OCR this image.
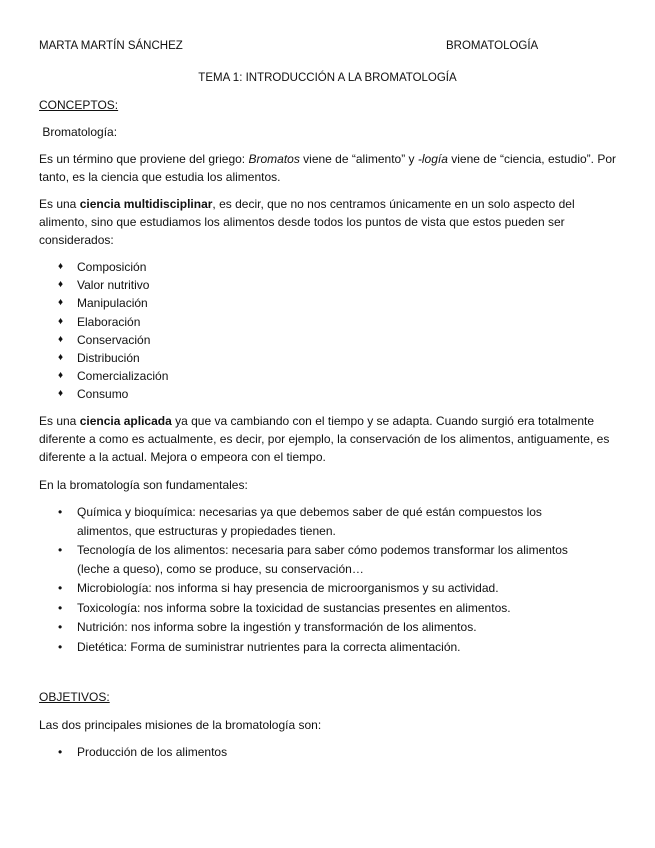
MARTA MARTÍN SÁNCHEZ	BROMATOLOGÍA
TEMA 1: INTRODUCCIÓN A LA BROMATOLOGÍA
CONCEPTOS:
Bromatología:
Es un término que proviene del griego: Bromatos viene de “alimento” y -logía viene de “ciencia, estudio”. Por tanto, es la ciencia que estudia los alimentos.
Es una ciencia multidisciplinar, es decir, que no nos centramos únicamente en un solo aspecto del alimento, sino que estudiamos los alimentos desde todos los puntos de vista que estos pueden ser considerados:
♦ Composición
♦ Valor nutritivo
♦ Manipulación
♦ Elaboración
♦ Conservación
♦ Distribución
♦ Comercialización
♦ Consumo
Es una ciencia aplicada ya que va cambiando con el tiempo y se adapta. Cuando surgió era totalmente diferente a como es actualmente, es decir, por ejemplo, la conservación de los alimentos, antiguamente, es diferente a la actual. Mejora o empeora con el tiempo.
En la bromatología son fundamentales:
• Química y bioquímica: necesarias ya que debemos saber de qué están compuestos los alimentos, que estructuras y propiedades tienen.
• Tecnología de los alimentos: necesaria para saber cómo podemos transformar los alimentos (leche a queso), como se produce, su conservación…
• Microbiología: nos informa si hay presencia de microorganismos y su actividad.
• Toxicología: nos informa sobre la toxicidad de sustancias presentes en alimentos.
• Nutrición: nos informa sobre la ingestión y transformación de los alimentos.
• Dietética: Forma de suministrar nutrientes para la correcta alimentación.
OBJETIVOS:
Las dos principales misiones de la bromatología son:
• Producción de los alimentos
